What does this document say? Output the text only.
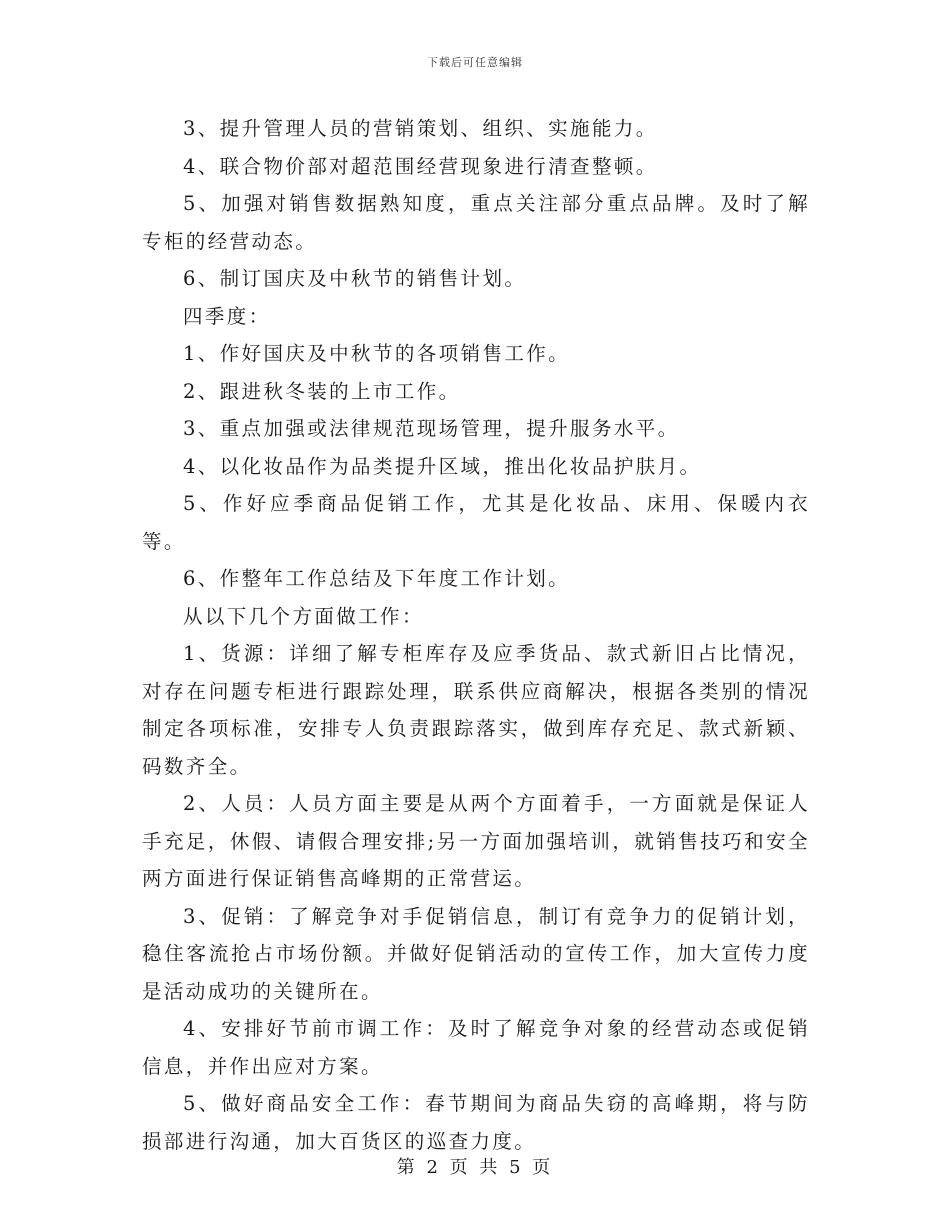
下载后可任意编辑

3、提升管理人员的营销策划、组织、实施能力。

4、联合物价部对超范围经营现象进行清查整顿。

5、加强对销售数据熟知度，重点关注部分重点品牌。及时了解专柜的经营动态。

6、制订国庆及中秋节的销售计划。

四季度：

1、作好国庆及中秋节的各项销售工作。

2、跟进秋冬装的上市工作。

3、重点加强或法律规范现场管理，提升服务水平。

4、以化妆品作为品类提升区域，推出化妆品护肤月。

5、作好应季商品促销工作，尤其是化妆品、床用、保暖内衣等。

6、作整年工作总结及下年度工作计划。

从以下几个方面做工作：

1、货源：详细了解专柜库存及应季货品、款式新旧占比情况，对存在问题专柜进行跟踪处理，联系供应商解决，根据各类别的情况制定各项标准，安排专人负责跟踪落实，做到库存充足、款式新颖、码数齐全。

2、人员：人员方面主要是从两个方面着手，一方面就是保证人手充足，休假、请假合理安排;另一方面加强培训，就销售技巧和安全两方面进行保证销售高峰期的正常营运。

3、促销：了解竞争对手促销信息，制订有竞争力的促销计划，稳住客流抢占市场份额。并做好促销活动的宣传工作，加大宣传力度是活动成功的关键所在。

4、安排好节前市调工作：及时了解竞争对象的经营动态或促销信息，并作出应对方案。

5、做好商品安全工作：春节期间为商品失窃的高峰期，将与防损部进行沟通，加大百货区的巡查力度。

第 2 页 共 5 页
